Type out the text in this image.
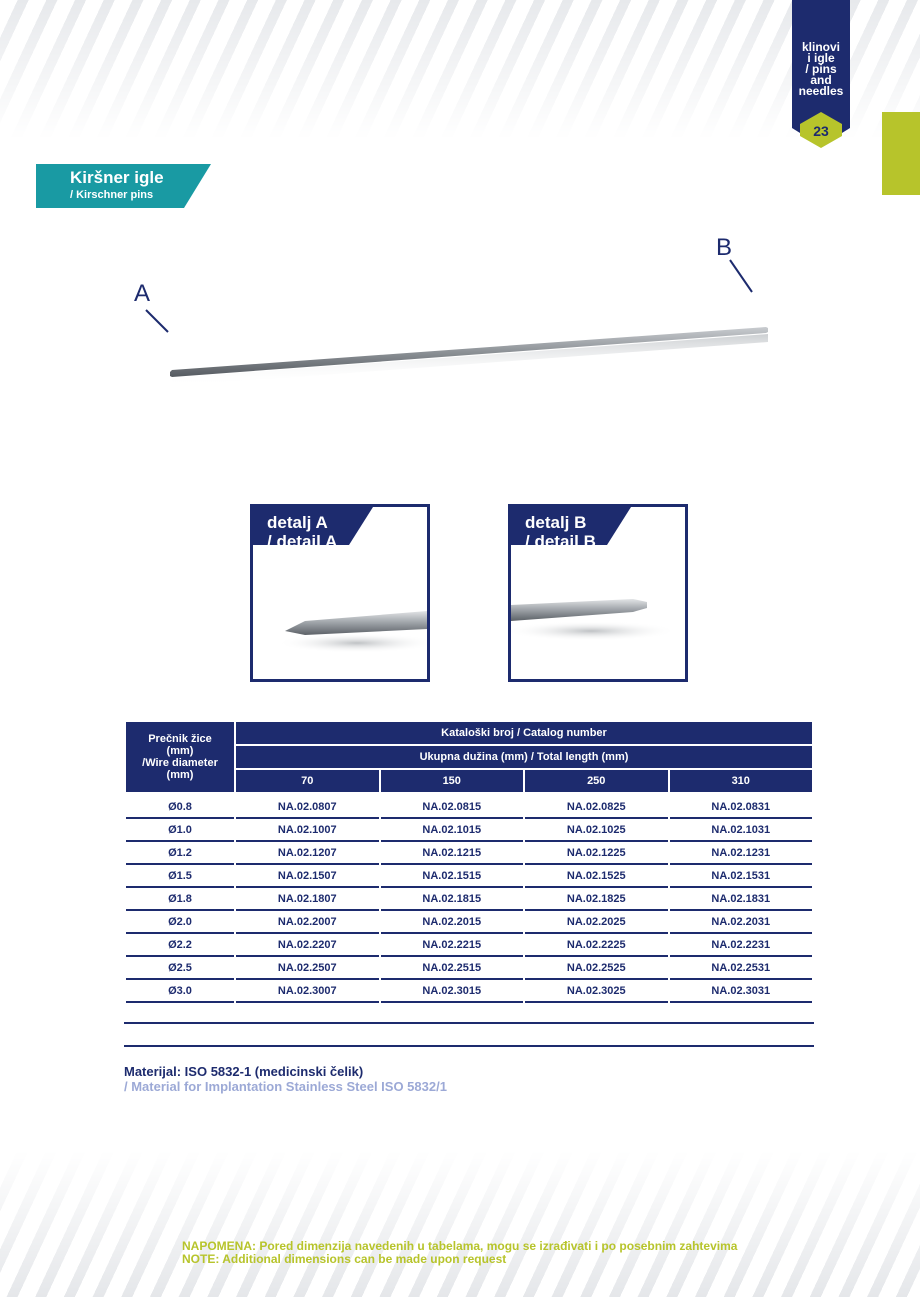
klinovi
i igle
/ pins
and
needles
23
Kiršner igle
/ Kirschner pins
A
B
detalj A
/ detail A
detalj B
/ detail B
Prečnik žice
(mm)
/Wire diameter
(mm)	Kataloški broj / Catalog number			
	Ukupna dužina (mm) / Total length (mm)			
	70	150	250	310

Ø0.8	NA.02.0807	NA.02.0815	NA.02.0825	NA.02.0831
Ø1.0	NA.02.1007	NA.02.1015	NA.02.1025	NA.02.1031
Ø1.2	NA.02.1207	NA.02.1215	NA.02.1225	NA.02.1231
Ø1.5	NA.02.1507	NA.02.1515	NA.02.1525	NA.02.1531
Ø1.8	NA.02.1807	NA.02.1815	NA.02.1825	NA.02.1831
Ø2.0	NA.02.2007	NA.02.2015	NA.02.2025	NA.02.2031
Ø2.2	NA.02.2207	NA.02.2215	NA.02.2225	NA.02.2231
Ø2.5	NA.02.2507	NA.02.2515	NA.02.2525	NA.02.2531
Ø3.0	NA.02.3007	NA.02.3015	NA.02.3025	NA.02.3031
Materijal: ISO 5832-1 (medicinski čelik)
/ Material for Implantation Stainless Steel ISO 5832/1
NAPOMENA: Pored dimenzija navedenih u tabelama, mogu se izrađivati i po posebnim zahtevima
NOTE: Additional dimensions can be made upon request
